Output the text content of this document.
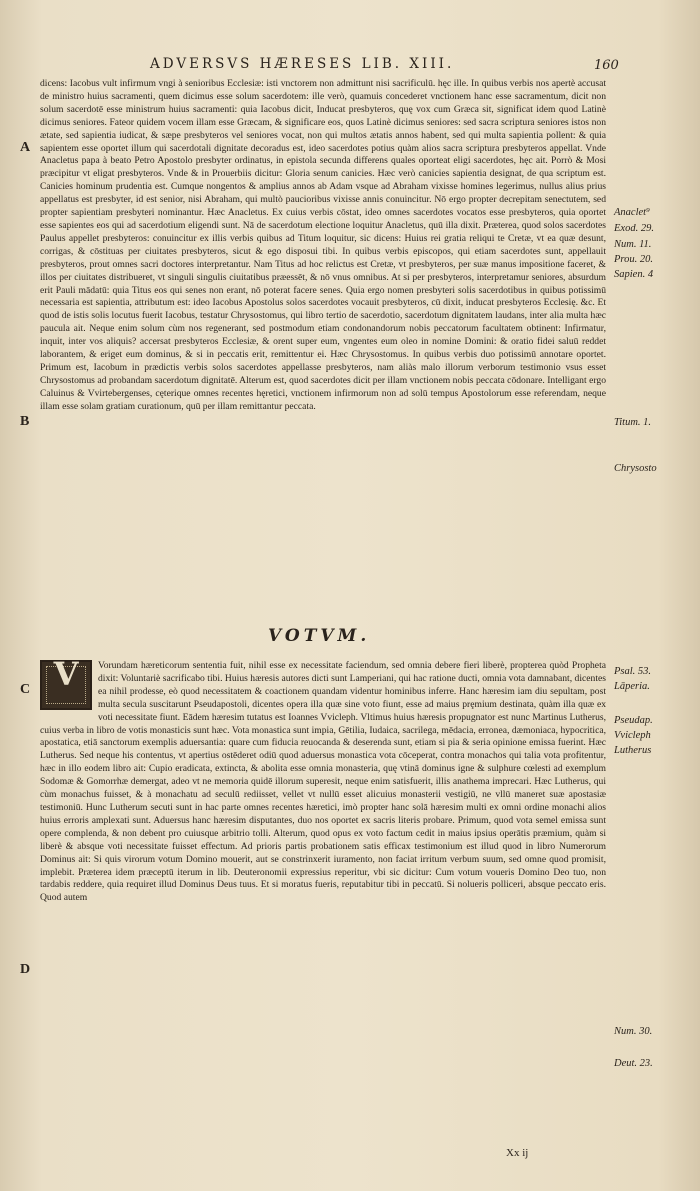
ADVERSVS HÆRESES LIB. XIII.	160

dicens: Iacobus vult infirmum vngi à senioribus Ecclesiæ: isti vnctorem non admittunt nisi sacrificulū. hęc ille. In quibus verbis nos apertè accusat de ministro huius sacramenti, quem dicimus esse solum sacerdotem: ille verò, quamuis concederet vnctionem hanc esse sacramentum, dicit non solum sacerdotē esse ministrum huius sacramenti: quia Iacobus dicit, Inducat presbyteros, quę vox cum Græca sit, significat idem quod Latinè dicimus seniores. Fateor quidem vocem illam esse Græcam, & significare eos, quos Latinè dicimus seniores: sed sacra scriptura seniores istos non ætate, sed sapientia iudicat, & sæpe presbyteros vel seniores vocat, non qui multos ætatis annos habent, sed qui multa sapientia pollent: & quia sapientem esse oportet illum qui sacerdotali dignitate decoradus est, ideo sacerdotes potius quàm alios sacra scriptura presbyteros appellat. Vnde Anacletus papa à beato Petro Apostolo presbyter ordinatus, in epistola secunda differens quales oporteat eligi sacerdotes, hęc ait. Porrò & Mosi præcipitur vt eligat presbyteros. Vnde & in Prouerbiis dicitur: Gloria senum canicies. Hæc verò canicies sapientia designat, de qua scriptum est. Canicies hominum prudentia est. Cumque nongentos & amplius annos ab Adam vsque ad Abraham vixisse homines legerimus, nullus alius prius appellatus est presbyter, id est senior, nisi Abraham, qui multò paucioribus vixisse annis conuincitur. Nō ergo propter decrepitam senectutem, sed propter sapientiam presbyteri nominantur. Hæc Anacletus. Ex cuius verbis cōstat, ideo omnes sacerdotes vocatos esse presbyteros, quia oportet esse sapientes eos qui ad sacerdotium eligendi sunt. Nā de sacerdotum electione loquitur Anacletus, quū illa dixit. Præterea, quod solos sacerdotes Paulus appellet presbyteros: conuincitur ex illis verbis quibus ad Titum loquitur, sic dicens: Huius rei gratia reliqui te Cretæ, vt ea quæ desunt, corrigas, & cōstituas per ciuitates presbyteros, sicut & ego disposui tibi. In quibus verbis episcopos, qui etiam sacerdotes sunt, appellauit presbyteros, prout omnes sacri doctores interpretantur. Nam Titus ad hoc relictus est Cretæ, vt presbyteros, per suæ manus impositione faceret, & illos per ciuitates distribueret, vt singuli singulis ciuitatibus præessēt, & nō vnus omnibus. At si per presbyteros, interpretamur seniores, absurdum erit Pauli mādatū: quia Titus eos qui senes non erant, nō poterat facere senes. Quia ergo nomen presbyteri solis sacerdotibus in quibus potissimū necessaria est sapientia, attributum est: ideo Iacobus Apostolus solos sacerdotes vocauit presbyteros, cū dixit, inducat presbyteros Ecclesię. &c. Et quod de istis solis locutus fuerit Iacobus, testatur Chrysostomus, qui libro tertio de sacerdotio, sacerdotum dignitatem laudans, inter alia multa hæc paucula ait. Neque enim solum cùm nos regenerant, sed postmodum etiam condonandorum nobis peccatorum facultatem obtinent: Infirmatur, inquit, inter vos aliquis? accersat presbyteros Ecclesiæ, & orent super eum, vngentes eum oleo in nomine Domini: & oratio fidei saluū reddet laborantem, & eriget eum dominus, & si in peccatis erit, remittentur ei. Hæc Chrysostomus. In quibus verbis duo potissimū annotare oportet. Primum est, Iacobum in prædictis verbis solos sacerdotes appellasse presbyteros, nam aliàs malo illorum verborum testimonio vsus esset Chrysostomus ad probandam sacerdotum dignitatē. Alterum est, quod sacerdotes dicit per illam vnctionem nobis peccata cōdonare. Intelligant ergo Caluinus & Vvirtebergenses, cęterique omnes recentes hęretici, vnctionem infirmorum non ad solū tempus Apostolorum esse referendam, neque illam esse solam gratiam curationum, quū per illam remittantur peccata.

A
B
C
D
Anaclet⁹
Exod. 29.
Num. 11.
Prou. 20.
Sapien. 4
Titum. 1.
Chrysosto
Psal. 53.
Lāperia.
Pseudap.
Vvicleph
Lutherus
Num. 30.
Deut. 23.
VOTVM.
V	Vorundam hæreticorum sententia fuit, nihil esse ex necessitate faciendum, sed omnia debere fieri liberè, propterea quòd Propheta dixit: Voluntariè sacrificabo tibi. Huius hæresis autores dicti sunt Lamperiani, qui hac ratione ducti, omnia vota damnabant, dicentes ea nihil prodesse, eò quod necessitatem & coactionem quandam videntur hominibus inferre. Hanc hæresim iam diu sepultam, post multa secula suscitarunt Pseudapostoli, dicentes opera illa quæ sine voto fiunt, esse ad maius prȩmium destinata, quàm illa quæ ex voti necessitate fiunt. Eādem hæresim tutatus est Ioannes Vvicleph. Vltimus huius hæresis propugnator est nunc Martinus Lutherus, cuius verba in libro de votis monasticis sunt hæc. Vota monastica sunt impia, Gētilia, Iudaica, sacrilega, mēdacia, erronea, dæmoniaca, hypocritica, apostatica, etiā sanctorum exemplis aduersantia: quare cum fiducia reuocanda & deserenda sunt, etiam si pia & seria opinione emissa fuerint. Hæc Lutherus. Sed neque his contentus, vt apertius ostēderet odiū quod aduersus monastica vota cōceperat, contra monachos qui talia vota profitentur, hæc in illo eodem libro ait: Cupio eradicata, extincta, & abolita esse omnia monasteria, quę vtinā dominus igne & sulphure cœlesti ad exemplum Sodomæ & Gomorrhæ demergat, adeo vt ne memoria quidē illorum superesit, neque enim satisfuerit, illis anathema imprecari. Hæc Lutherus, qui cùm monachus fuisset, & à monachatu ad seculū rediisset, vellet vt nullū esset alicuius monasterii vestigiū, ne vllū maneret suæ apostasiæ testimoniū. Hunc Lutherum secuti sunt in hac parte omnes recentes hæretici, imò propter hanc solā hæresim multi ex omni ordine monachi alios huius erroris amplexati sunt. Aduersus hanc hæresim disputantes, duo nos oportet ex sacris literis probare. Primum, quod vota semel emissa sunt opere complenda, & non debent pro cuiusque arbitrio tolli. Alterum, quod opus ex voto factum cedit in maius ipsius operātis præmium, quàm si liberè & absque voti necessitate fuisset effectum. Ad prioris partis probationem satis efficax testimonium est illud quod in libro Numerorum Dominus ait: Si quis virorum votum Domino mouerit, aut se constrinxerit iuramento, non faciat irritum verbum suum, sed omne quod promisit, implebit. Præterea idem præceptū iterum in lib. Deuteronomii expressius reperitur, vbi sic dicitur: Cum votum voueris Domino Deo tuo, non tardabis reddere, quia requiret illud Dominus Deus tuus. Et si moratus fueris, reputabitur tibi in peccatū. Si nolueris polliceri, absque peccato eris. Quod autem

Xx ij
